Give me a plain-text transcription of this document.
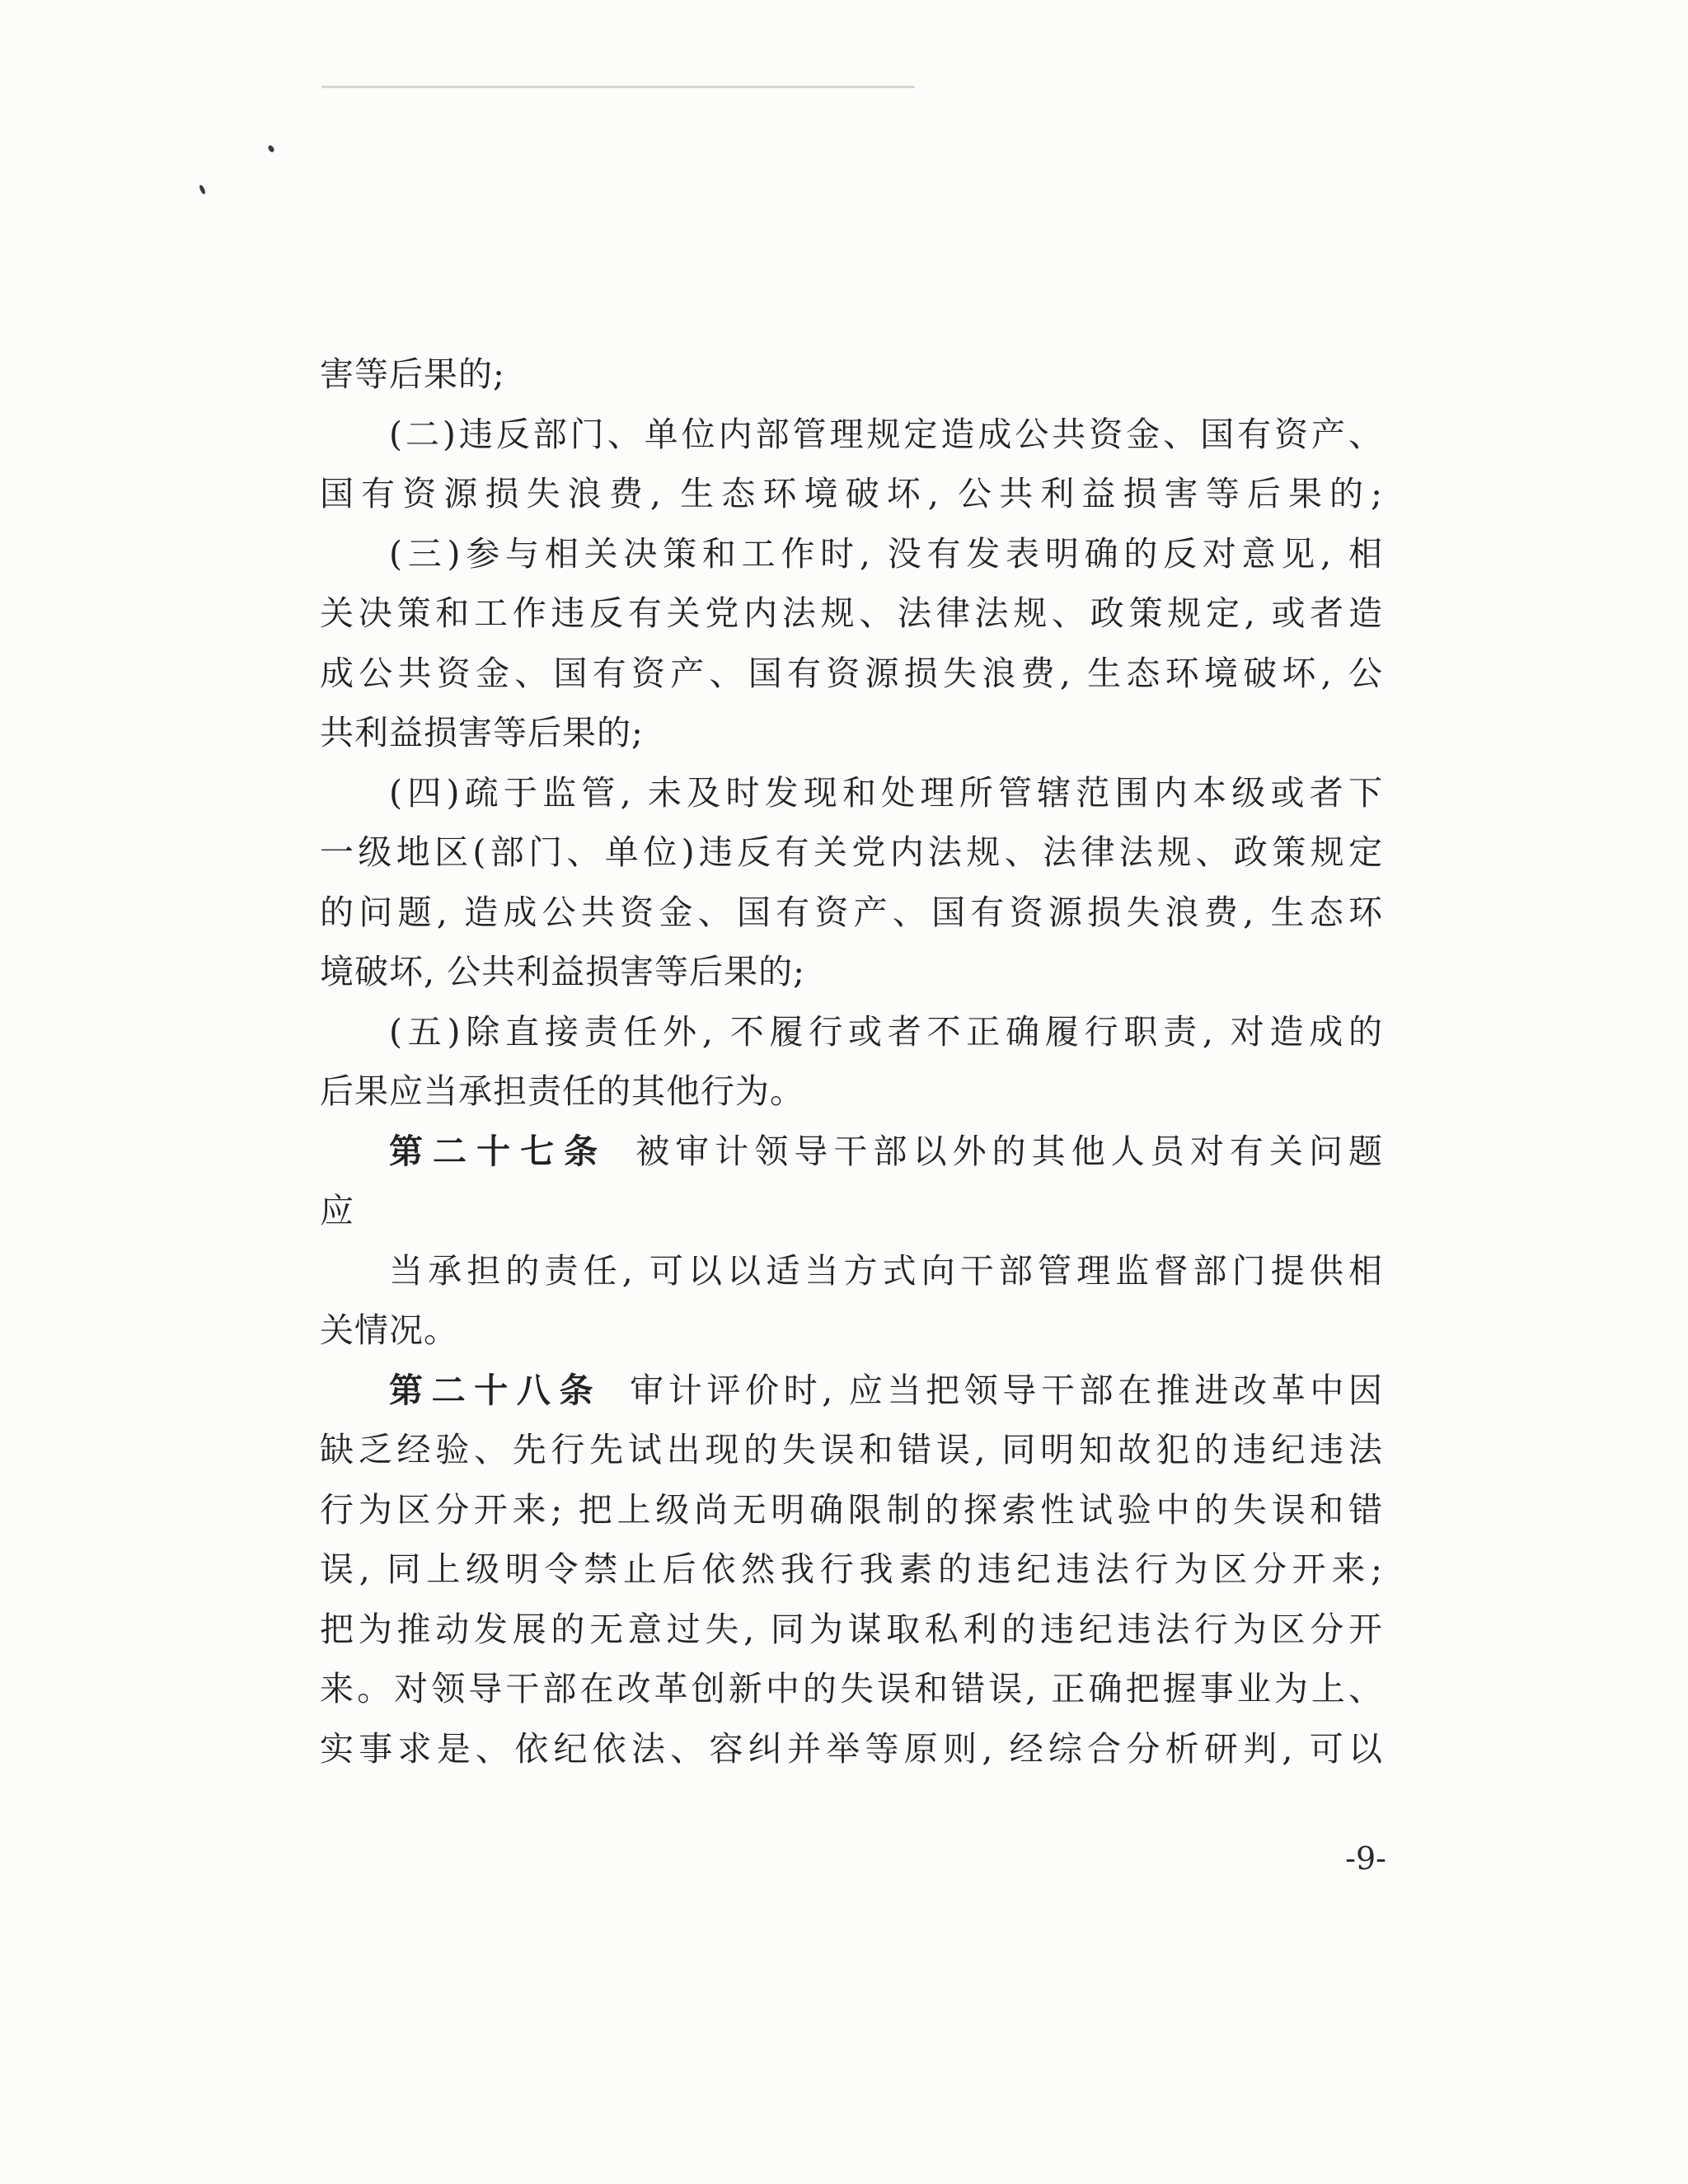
害等后果的;
(二)违反部门、单位内部管理规定造成公共资金、国有资产、
国有资源损失浪费, 生态环境破坏, 公共利益损害等后果的;
(三)参与相关决策和工作时, 没有发表明确的反对意见, 相
关决策和工作违反有关党内法规、法律法规、政策规定, 或者造
成公共资金、国有资产、国有资源损失浪费, 生态环境破坏, 公
共利益损害等后果的;
(四)疏于监管, 未及时发现和处理所管辖范围内本级或者下
一级地区(部门、单位)违反有关党内法规、法律法规、政策规定
的问题, 造成公共资金、国有资产、国有资源损失浪费, 生态环
境破坏, 公共利益损害等后果的;
(五)除直接责任外, 不履行或者不正确履行职责, 对造成的
后果应当承担责任的其他行为。
第二十七条 被审计领导干部以外的其他人员对有关问题
应
当承担的责任, 可以以适当方式向干部管理监督部门提供相
关情况。
第二十八条 审计评价时, 应当把领导干部在推进改革中因
缺乏经验、先行先试出现的失误和错误, 同明知故犯的违纪违法
行为区分开来; 把上级尚无明确限制的探索性试验中的失误和错
误, 同上级明令禁止后依然我行我素的违纪违法行为区分开来;
把为推动发展的无意过失, 同为谋取私利的违纪违法行为区分开
来。对领导干部在改革创新中的失误和错误, 正确把握事业为上、
实事求是、依纪依法、容纠并举等原则, 经综合分析研判, 可以
-9-
